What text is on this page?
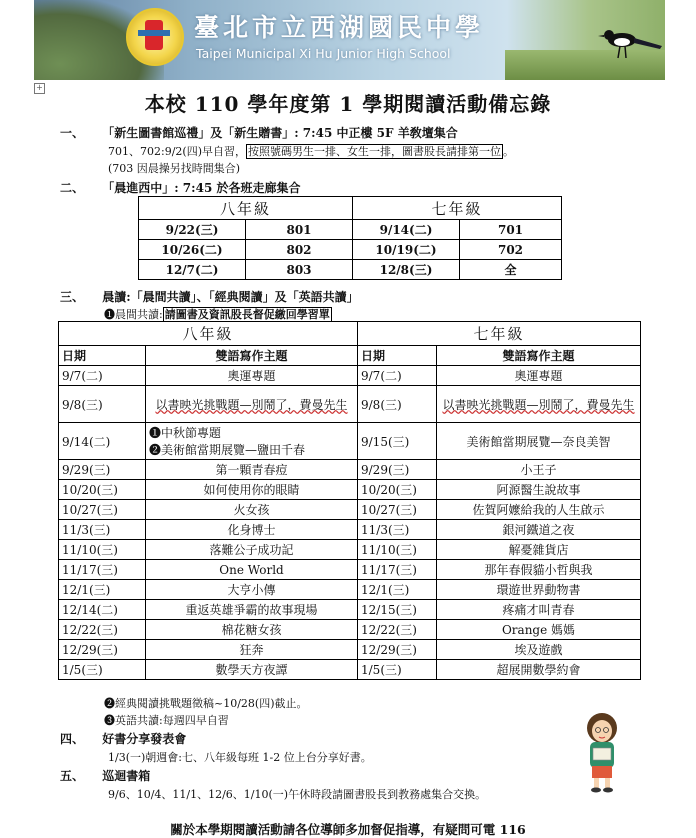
臺北市立西湖國民中學
Taipei Municipal Xi Hu Junior High School
+
本校 110 學年度第 1 學期閱讀活動備忘錄
一、 「新生圖書館巡禮」及「新生贈書」: 7:45 中正樓 5F 羊敎壇集合
701、702:9/2(四)早自習， 按照號碼男生一排、女生一排，圖書股長請排第一位 。
(703 因晨操另找時間集合)
二、 「晨進西中」: 7:45 於各班走廊集合
八年級		七年級	
9/22(三)	801	9/14(二)	701
10/26(二)	802	10/19(二)	702
12/7(二)	803	12/8(三)	全
三、 晨讀:「晨間共讀」、「經典閱讀」及「英語共讀」
❶晨間共讀: 請圖書及資訊股長督促繳回學習單
八年級		七年級	
日期	雙語寫作主題	日期	雙語寫作主題
9/7(二)	奧運專題	9/7(二)	奧運專題
9/8(三)	以書映光挑戰題—別鬧了，費曼先生	9/8(三)	以書映光挑戰題—別鬧了，費曼先生
9/14(二)	❶中秋節專題
❷美術館當期展覽—鹽田千春	9/15(三)	美術館當期展覽—奈良美智
9/29(三)	第一顆青春痘	9/29(三)	小王子
10/20(三)	如何使用你的眼睛	10/20(三)	阿源醫生說故事
10/27(三)	火女孩	10/27(三)	佐賀阿嬤給我的人生啟示
11/3(三)	化身博士	11/3(三)	銀河鐵道之夜
11/10(三)	落難公子成功記	11/10(三)	解憂雜貨店
11/17(三)	One World	11/17(三)	那年春假貓小哲與我
12/1(三)	大亨小傳	12/1(三)	環遊世界動物書
12/14(二)	重返英雄爭霸的故事現場	12/15(三)	疼痛才叫青春
12/22(三)	棉花糖女孩	12/22(三)	Orange 媽媽
12/29(三)	狂奔	12/29(三)	埃及遊戲
1/5(三)	數學天方夜譚	1/5(三)	超展開數學約會
❷經典閱讀挑戰題徵稿~10/28(四)截止。
❸英語共讀:每週四早自習
四、 好書分享發表會
1/3(一)朝週會:七、八年級每班 1-2 位上台分享好書。
五、 巡迴書箱
9/6、10/4、11/1、12/6、1/10(一)午休時段請圖書股長到教務處集合交換。
關於本學期閱讀活動請各位導師多加督促指導，有疑問可電 116
